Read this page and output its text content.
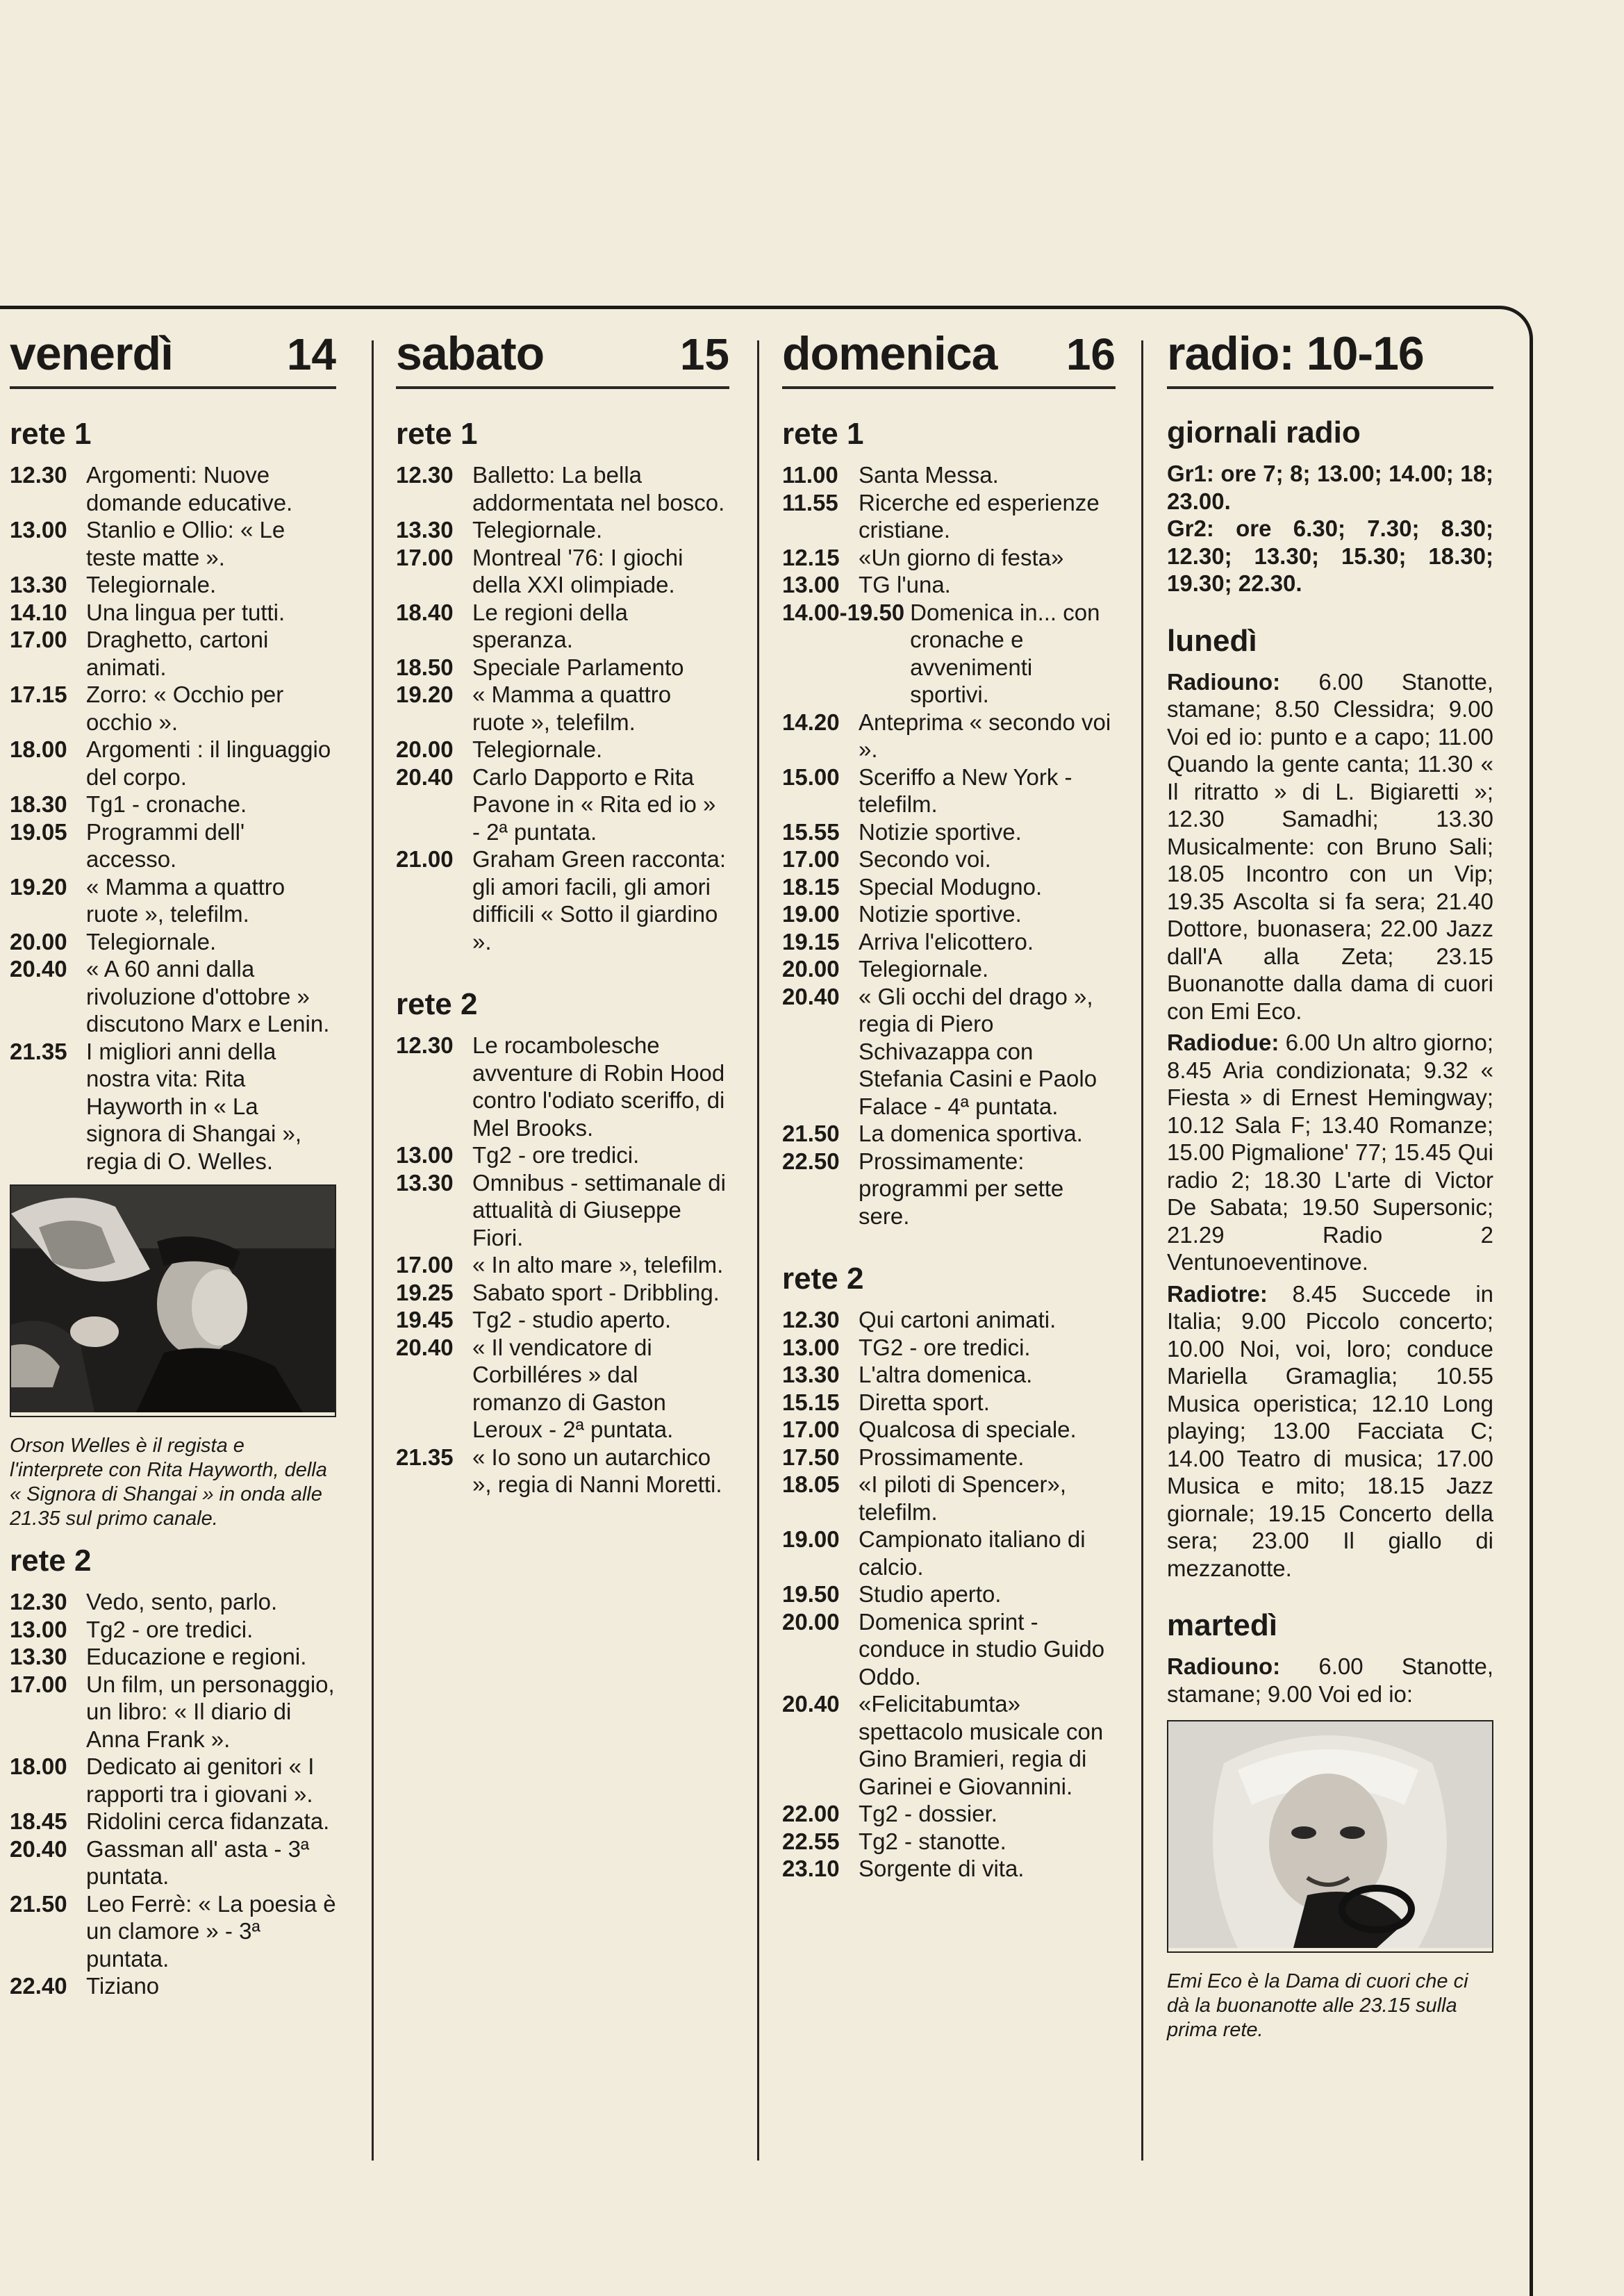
venerdì	14
rete 1
12.30 Argomenti: Nuove domande educative.
13.00 Stanlio e Ollio: « Le teste matte ».
13.30 Telegiornale.
14.10 Una lingua per tutti.
17.00 Draghetto, cartoni animati.
17.15 Zorro: « Occhio per occhio ».
18.00 Argomenti : il linguaggio del corpo.
18.30 Tg1 - cronache.
19.05 Programmi dell' accesso.
19.20 « Mamma a quattro ruote », telefilm.
20.00 Telegiornale.
20.40 « A 60 anni dalla rivoluzione d'ottobre » discutono Marx e Lenin.
21.35 I migliori anni della nostra vita: Rita Hayworth in « La signora di Shangai », regia di O. Welles.
Orson Welles è il regista e l'interprete con Rita Hayworth, della « Signora di Shangai » in onda alle 21.35 sul primo canale.
rete 2
12.30 Vedo, sento, parlo.
13.00 Tg2 - ore tredici.
13.30 Educazione e regioni.
17.00 Un film, un personaggio, un libro: « Il diario di Anna Frank ».
18.00 Dedicato ai genitori « I rapporti tra i giovani ».
18.45 Ridolini cerca fidanzata.
20.40 Gassman all' asta - 3ª puntata.
21.50 Leo Ferrè: « La poesia è un clamore » - 3ª puntata.
22.40 Tiziano
sabato	15
rete 1
12.30 Balletto: La bella addormentata nel bosco.
13.30 Telegiornale.
17.00 Montreal '76: I giochi della XXI olimpiade.
18.40 Le regioni della speranza.
18.50 Speciale Parlamento
19.20 « Mamma a quattro ruote », telefilm.
20.00 Telegiornale.
20.40 Carlo Dapporto e Rita Pavone in « Rita ed io » - 2ª puntata.
21.00 Graham Green racconta: gli amori facili, gli amori difficili « Sotto il giardino ».
rete 2
12.30 Le rocambolesche avventure di Robin Hood contro l'odiato sceriffo, di Mel Brooks.
13.00 Tg2 - ore tredici.
13.30 Omnibus - settimanale di attualità di Giuseppe Fiori.
17.00 « In alto mare », telefilm.
19.25 Sabato sport - Dribbling.
19.45 Tg2 - studio aperto.
20.40 « Il vendicatore di Corbilléres » dal romanzo di Gaston Leroux - 2ª puntata.
21.35 « Io sono un autarchico », regia di Nanni Moretti.
domenica 16
rete 1
11.00 Santa Messa.
11.55 Ricerche ed esperienze cristiane.
12.15 «Un giorno di festa»
13.00 TG l'una.
14.00-19.50 Domenica in... con cronache e avvenimenti sportivi.
14.20 Anteprima « secondo voi ».
15.00 Sceriffo a New York - telefilm.
15.55 Notizie sportive.
17.00 Secondo voi.
18.15 Special Modugno.
19.00 Notizie sportive.
19.15 Arriva l'elicottero.
20.00 Telegiornale.
20.40 « Gli occhi del drago », regia di Piero Schivazappa con Stefania Casini e Paolo Falace - 4ª puntata.
21.50 La domenica sportiva.
22.50 Prossimamente: programmi per sette sere.
rete 2
12.30 Qui cartoni animati.
13.00 TG2 - ore tredici.
13.30 L'altra domenica.
15.15 Diretta sport.
17.00 Qualcosa di speciale.
17.50 Prossimamente.
18.05 «I piloti di Spencer», telefilm.
19.00 Campionato italiano di calcio.
19.50 Studio aperto.
20.00 Domenica sprint - conduce in studio Guido Oddo.
20.40 «Felicitabumta» spettacolo musicale con Gino Bramieri, regia di Garinei e Giovannini.
22.00 Tg2 - dossier.
22.55 Tg2 - stanotte.
23.10 Sorgente di vita.
radio: 10-16
giornali radio
Gr1: ore 7; 8; 13.00; 14.00; 18; 23.00.
Gr2: ore 6.30; 7.30; 8.30; 12.30; 13.30; 15.30; 18.30; 19.30; 22.30.
lunedì
Radiouno: 6.00 Stanotte, stamane; 8.50 Clessidra; 9.00 Voi ed io: punto e a capo; 11.00 Quando la gente canta; 11.30 « Il ritratto » di L. Bigiaretti »; 12.30 Samadhi; 13.30 Musicalmente: con Bruno Sali; 18.05 Incontro con un Vip; 19.35 Ascolta si fa sera; 21.40 Dottore, buonasera; 22.00 Jazz dall'A alla Zeta; 23.15 Buonanotte dalla dama di cuori con Emi Eco.
Radiodue: 6.00 Un altro giorno; 8.45 Aria condizionata; 9.32 « Fiesta » di Ernest Hemingway; 10.12 Sala F; 13.40 Romanze; 15.00 Pigmalione' 77; 15.45 Qui radio 2; 18.30 L'arte di Victor De Sabata; 19.50 Supersonic; 21.29 Radio 2 Ventunoeventinove.
Radiotre: 8.45 Succede in Italia; 9.00 Piccolo concerto; 10.00 Noi, voi, loro; conduce Mariella Gramaglia; 10.55 Musica operistica; 12.10 Long playing; 13.00 Facciata C; 14.00 Teatro di musica; 17.00 Musica e mito; 18.15 Jazz giornale; 19.15 Concerto della sera; 23.00 Il giallo di mezzanotte.
martedì
Radiouno: 6.00 Stanotte, stamane; 9.00 Voi ed io:
Emi Eco è la Dama di cuori che ci dà la buonanotte alle 23.15 sulla prima rete.
